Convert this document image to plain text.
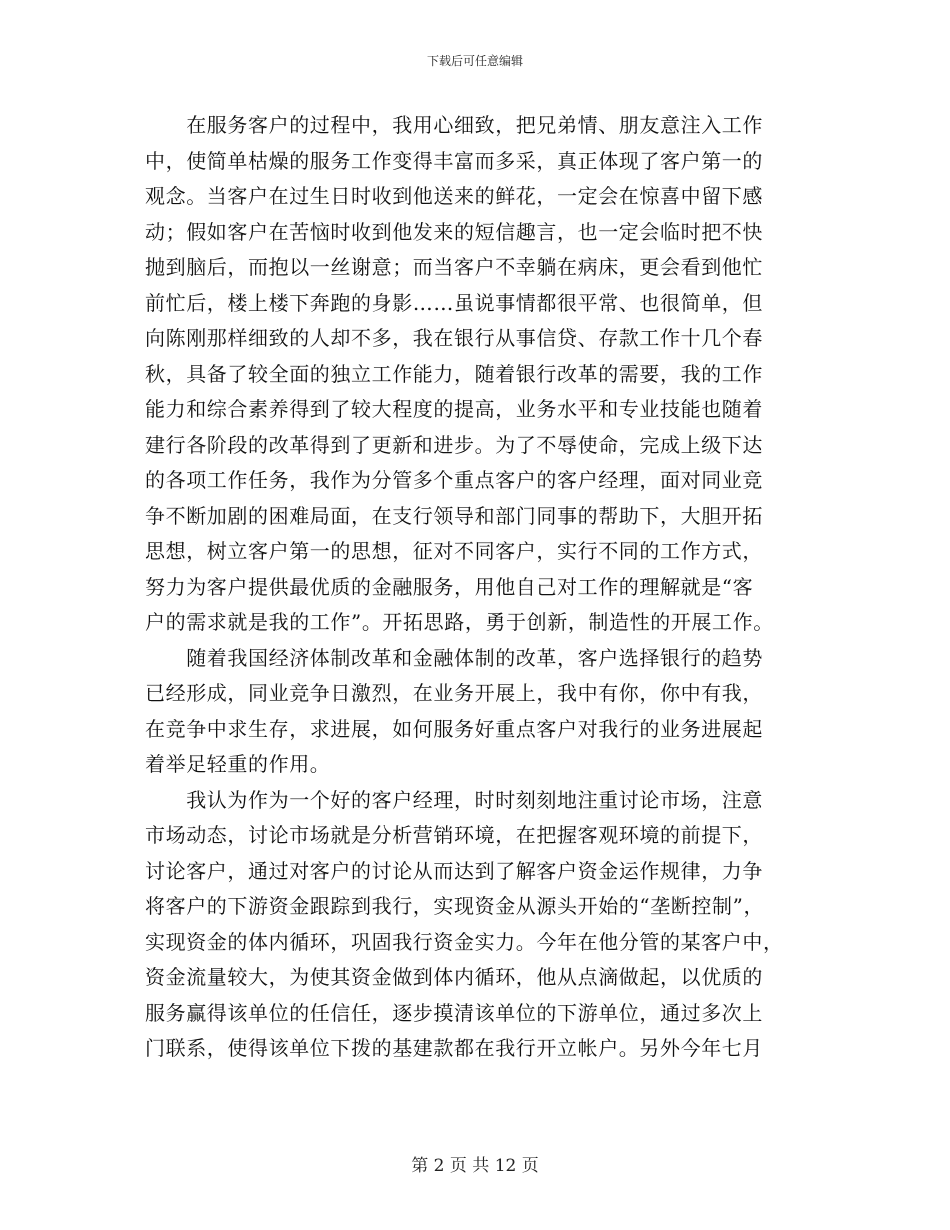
下载后可任意编辑
　　在服务客户的过程中，我用心细致，把兄弟情、朋友意注入工作
中，使简单枯燥的服务工作变得丰富而多采，真正体现了客户第一的
观念。当客户在过生日时收到他送来的鲜花，一定会在惊喜中留下感
动；假如客户在苦恼时收到他发来的短信趣言，也一定会临时把不快
抛到脑后，而抱以一丝谢意；而当客户不幸躺在病床，更会看到他忙
前忙后，楼上楼下奔跑的身影……虽说事情都很平常、也很简单，但
向陈刚那样细致的人却不多，我在银行从事信贷、存款工作十几个春
秋，具备了较全面的独立工作能力，随着银行改革的需要，我的工作
能力和综合素养得到了较大程度的提高，业务水平和专业技能也随着
建行各阶段的改革得到了更新和进步。为了不辱使命，完成上级下达
的各项工作任务，我作为分管多个重点客户的客户经理，面对同业竞
争不断加剧的困难局面，在支行领导和部门同事的帮助下，大胆开拓
思想，树立客户第一的思想，征对不同客户，实行不同的工作方式，
努力为客户提供最优质的金融服务，用他自己对工作的理解就是“客
户的需求就是我的工作”。开拓思路，勇于创新，制造性的开展工作。
　　随着我国经济体制改革和金融体制的改革，客户选择银行的趋势
已经形成，同业竞争日激烈，在业务开展上，我中有你，你中有我，
在竞争中求生存，求进展，如何服务好重点客户对我行的业务进展起
着举足轻重的作用。
　　我认为作为一个好的客户经理，时时刻刻地注重讨论市场，注意
市场动态，讨论市场就是分析营销环境，在把握客观环境的前提下，
讨论客户，通过对客户的讨论从而达到了解客户资金运作规律，力争
将客户的下游资金跟踪到我行，实现资金从源头开始的“垄断控制”，
实现资金的体内循环，巩固我行资金实力。今年在他分管的某客户中，
资金流量较大，为使其资金做到体内循环，他从点滴做起，以优质的
服务赢得该单位的任信任，逐步摸清该单位的下游单位，通过多次上
门联系，使得该单位下拨的基建款都在我行开立帐户。另外今年七月
第 2 页 共 12 页
